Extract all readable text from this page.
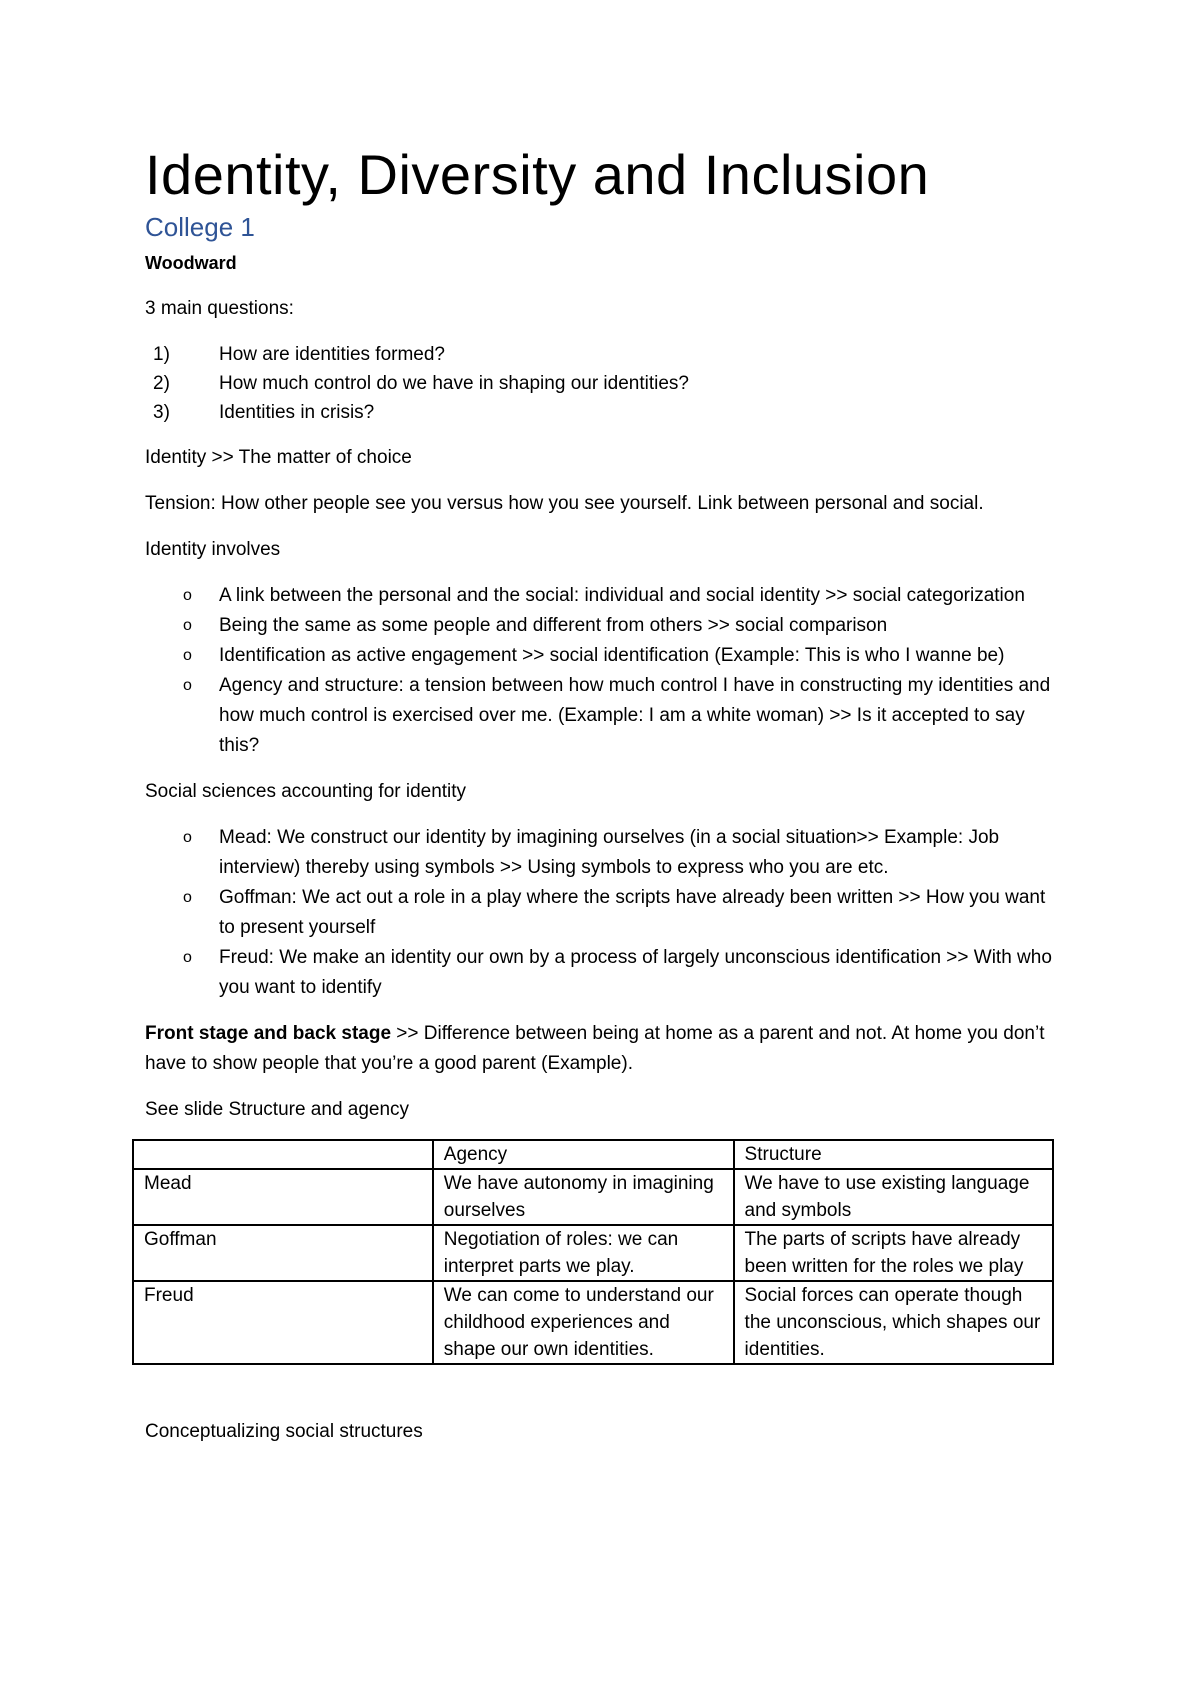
Identity, Diversity and Inclusion
College 1
Woodward

3 main questions:

1)	How are identities formed?
2)	How much control do we have in shaping our identities?
3)	Identities in crisis?

Identity >> The matter of choice

Tension: How other people see you versus how you see yourself. Link between personal and social.

Identity involves

o A link between the personal and the social: individual and social identity >> social categorization
o Being the same as some people and different from others >> social comparison
o Identification as active engagement >> social identification (Example: This is who I wanne be)
o Agency and structure: a tension between how much control I have in constructing my identities and how much control is exercised over me. (Example: I am a white woman) >> Is it accepted to say this?

Social sciences accounting for identity

o Mead: We construct our identity by imagining ourselves (in a social situation>> Example: Job interview) thereby using symbols >> Using symbols to express who you are etc.
o Goffman: We act out a role in a play where the scripts have already been written >> How you want to present yourself
o Freud: We make an identity our own by a process of largely unconscious identification >> With who you want to identify

Front stage and back stage >> Difference between being at home as a parent and not. At home you don’t have to show people that you’re a good parent (Example).

See slide Structure and agency

	Agency	Structure
Mead	We have autonomy in imagining ourselves	We have to use existing language and symbols
Goffman	Negotiation of roles: we can interpret parts we play.	The parts of scripts have already been written for the roles we play
Freud	We can come to understand our childhood experiences and shape our own identities.	Social forces can operate though the unconscious, which shapes our identities.

Conceptualizing social structures
